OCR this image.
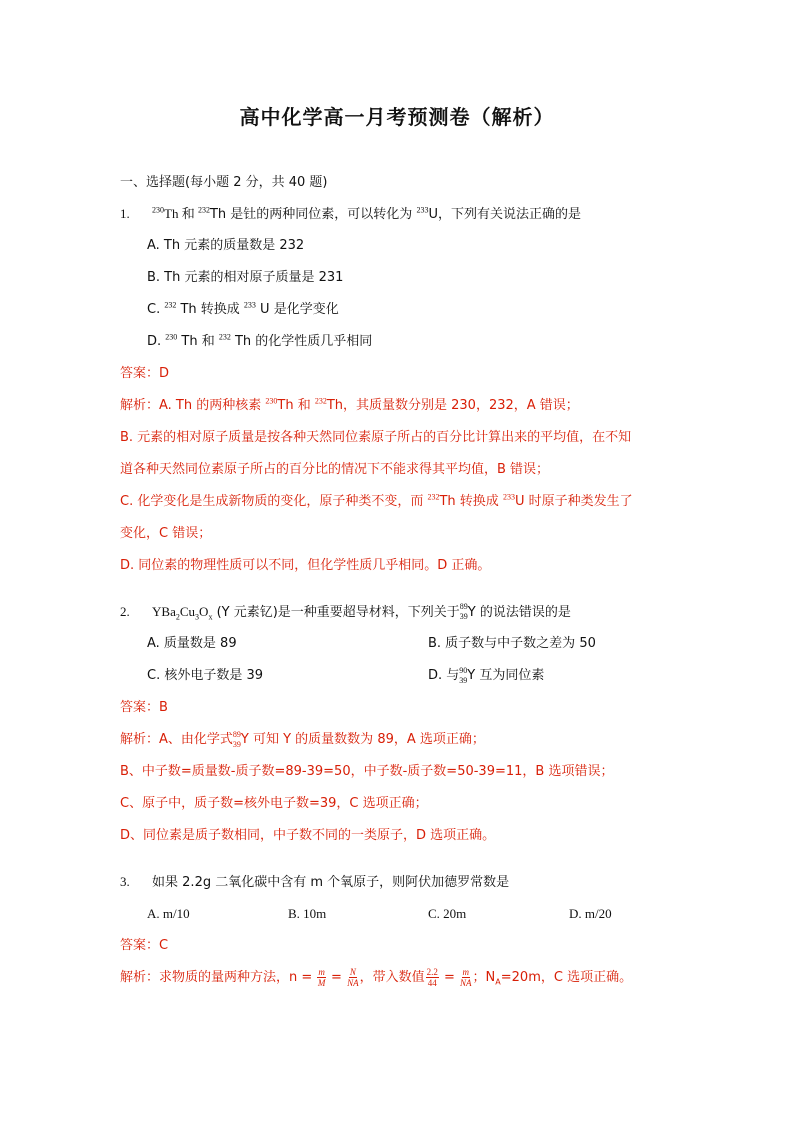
高中化学高一月考预测卷（解析）
一、选择题(每小题 2 分，共 40 题)
1.	$^{230}$Th 和 $^{232}$Th 是钍的两种同位素，可以转化为 $^{233}$U，下列有关说法正确的是
A. Th 元素的质量数是 232
B. Th 元素的相对原子质量是 231
C. $^{232}$ Th 转换成 $^{233}$ U 是化学变化
D. $^{230}$ Th 和 $^{232}$ Th 的化学性质几乎相同
答案：D
解析：A. Th 的两种核素 $^{230}$Th 和 $^{232}$Th，其质量数分别是 230，232，A 错误；
B. 元素的相对原子质量是按各种天然同位素原子所占的百分比计算出来的平均值，在不知
道各种天然同位素原子所占的百分比的情况下不能求得其平均值，B 错误；
C. 化学变化是生成新物质的变化，原子种类不变，而 $^{232}$Th 转换成 $^{233}$U 时原子种类发生了
变化，C 错误；
D. 同位素的物理性质可以不同，但化学性质几乎相同。D 正确。
2. $YBa_2Cu_3O_x$ (Y 元素钇)是一种重要超导材料，下列关于 89
39 Y 的说法错误的是
A. 质量数是 89	B. 质子数与中子数之差为 50
C. 核外电子数是 39	D. 与 90
39 Y 互为同位素
答案：B
解析：A、由化学式 89
39 Y 可知 Y 的质量数数为 89，A 选项正确；
B、中子数=质量数-质子数=89-39=50，中子数-质子数=50-39=11，B 选项错误；
C、原子中，质子数=核外电子数=39，C 选项正确；
D、同位素是质子数相同，中子数不同的一类原子，D 选项正确。
3. 如果 2.2g 二氧化碳中含有 m 个氧原子，则阿伏加德罗常数是
A. m/10	B. 10m	C. 20m	D. m/20
答案：C
解析：求物质的量两种方法，$n = \frac{m}{M} = \frac{N}{NA}$ ，带入数值 $\frac{2.2}{44} = \frac{m}{NA}$ ；$N_A=20m$，C 选项正确。
